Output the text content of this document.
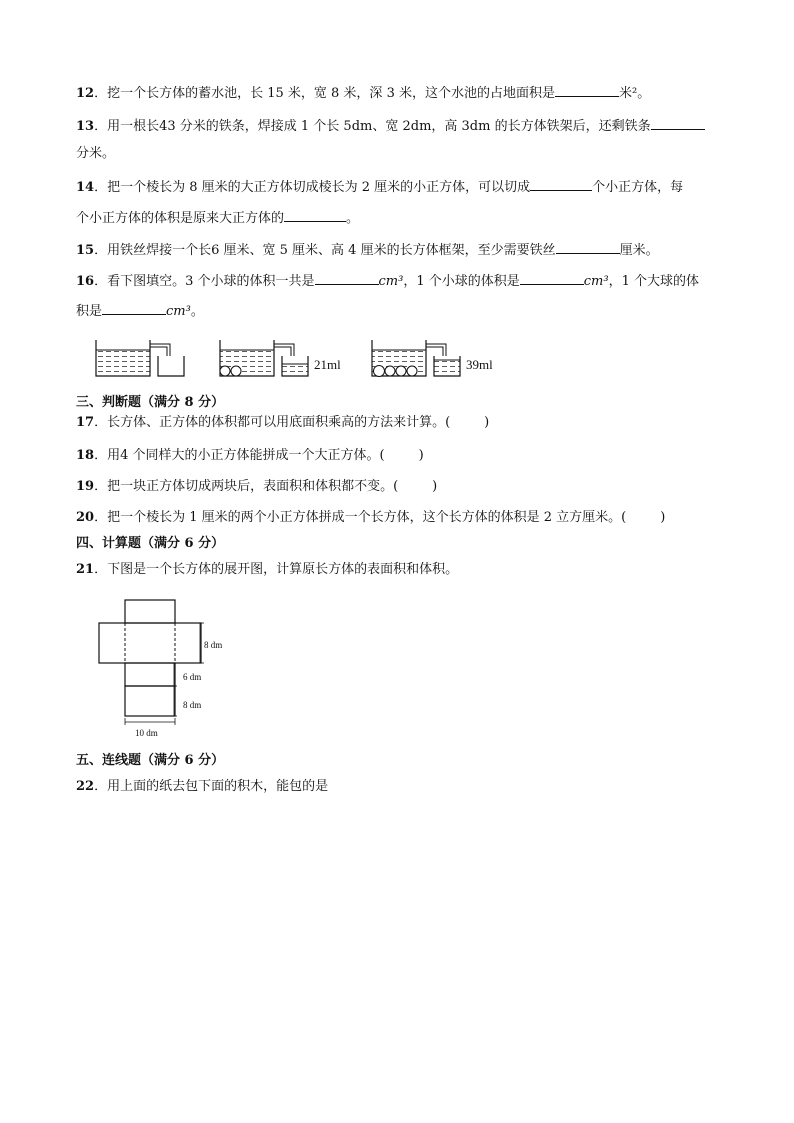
12．挖一个长方体的蓄水池，长 15 米，宽 8 米，深 3 米，这个水池的占地面积是	米²。
13．用一根长43 分米的铁条，焊接成 1 个长 5dm、宽 2dm，高 3dm 的长方体铁架后，还剩铁条
分米。
14．把一个棱长为 8 厘米的大正方体切成棱长为 2 厘米的小正方体，可以切成	个小正方体，每
个小正方体的体积是原来大正方体的	。
15．用铁丝焊接一个长6 厘米、宽 5 厘米、高 4 厘米的长方体框架，至少需要铁丝	厘米。
16．看下图填空。3 个小球的体积一共是	cm³，1 个小球的体积是	cm³，1 个大球的体
积是	cm³。
21ml	39ml
三、判断题（满分 8 分）
17．长方体、正方体的体积都可以用底面积乘高的方法来计算。(	)
18．用4 个同样大的小正方体能拼成一个大正方体。(	)
19．把一块正方体切成两块后，表面积和体积都不变。(	)
20．把一个棱长为 1 厘米的两个小正方体拼成一个长方体，这个长方体的体积是 2 立方厘米。(	)
四、计算题（满分 6 分）
21．下图是一个长方体的展开图，计算原长方体的表面积和体积。
8 dm
6 dm
8 dm
10 dm
五、连线题（满分 6 分）
22．用上面的纸去包下面的积木，能包的是
